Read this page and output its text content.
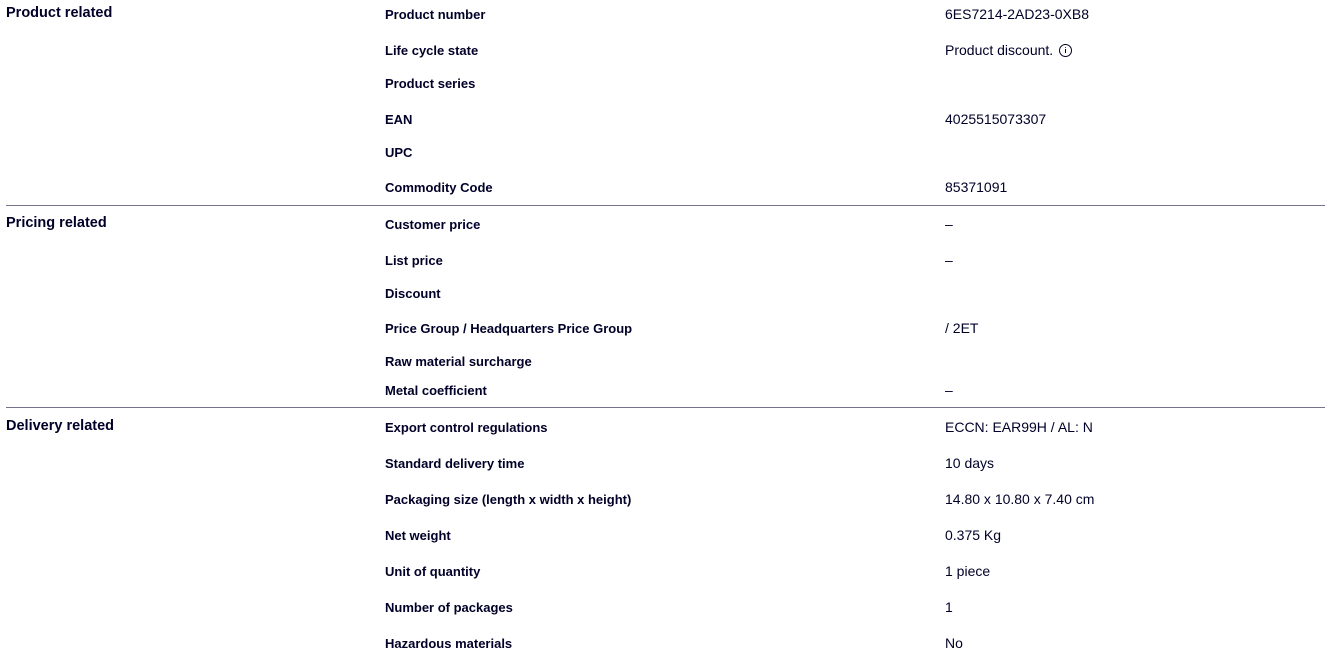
Product related	Product number	6ES7214-2AD23-0XB8
Life cycle state	Product discount.
Product series
EAN	4025515073307
UPC
Commodity Code	85371091
Pricing related	Customer price	–
List price	–
Discount
Price Group / Headquarters Price Group	/ 2ET
Raw material surcharge
Metal coefficient	–
Delivery related	Export control regulations	ECCN: EAR99H / AL: N
Standard delivery time	10 days
Packaging size (length x width x height)	14.80 x 10.80 x 7.40 cm
Net weight	0.375 Kg
Unit of quantity	1 piece
Number of packages	1
Hazardous materials	No
